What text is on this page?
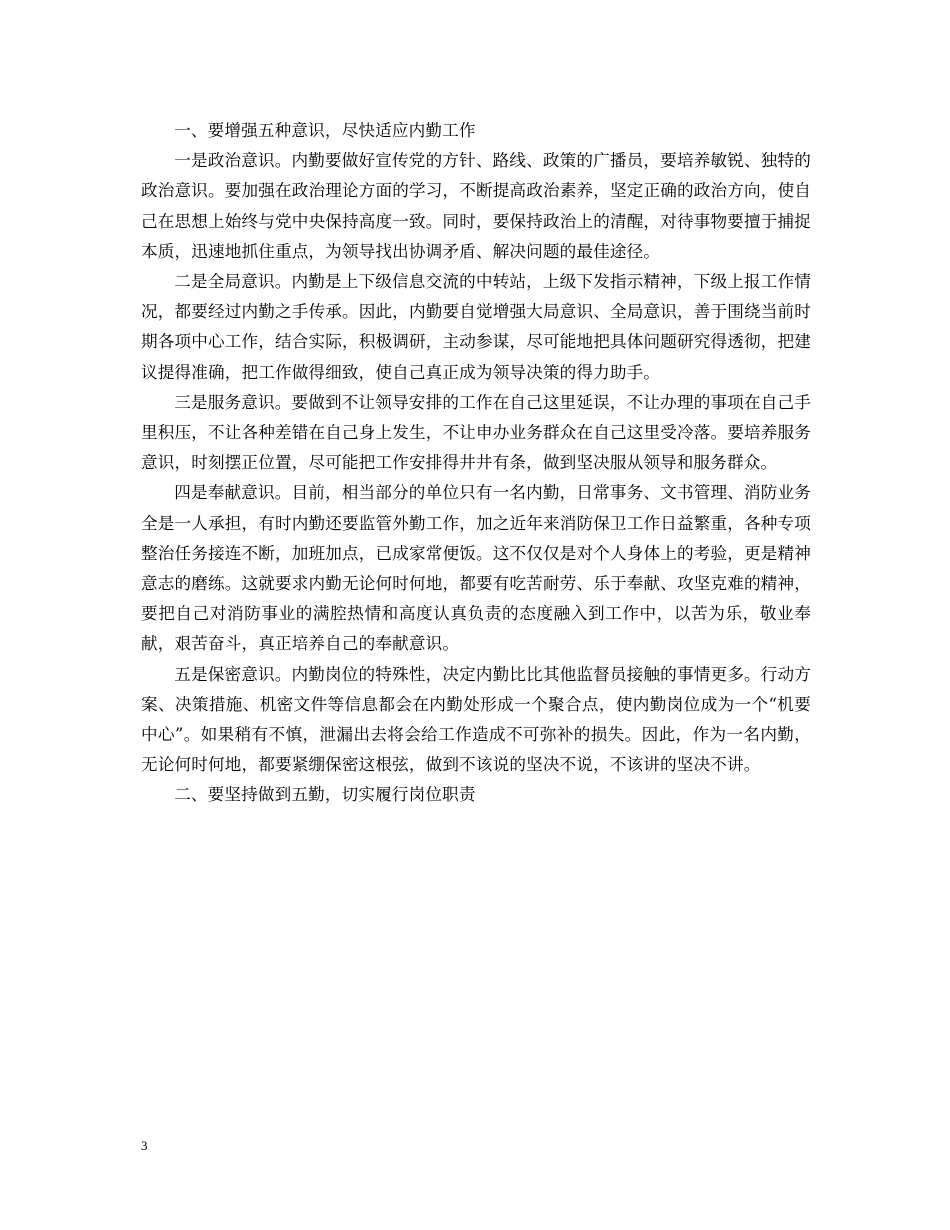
一、要增强五种意识，尽快适应内勤工作

一是政治意识。内勤要做好宣传党的方针、路线、政策的广播员，要培养敏锐、独特的政治意识。要加强在政治理论方面的学习，不断提高政治素养，坚定正确的政治方向，使自己在思想上始终与党中央保持高度一致。同时，要保持政治上的清醒，对待事物要擅于捕捉本质，迅速地抓住重点，为领导找出协调矛盾、解决问题的最佳途径。

二是全局意识。内勤是上下级信息交流的中转站，上级下发指示精神，下级上报工作情况，都要经过内勤之手传承。因此，内勤要自觉增强大局意识、全局意识，善于围绕当前时期各项中心工作，结合实际，积极调研，主动参谋，尽可能地把具体问题研究得透彻，把建议提得准确，把工作做得细致，使自己真正成为领导决策的得力助手。

三是服务意识。要做到不让领导安排的工作在自己这里延误，不让办理的事项在自己手里积压，不让各种差错在自己身上发生，不让申办业务群众在自己这里受冷落。要培养服务意识，时刻摆正位置，尽可能把工作安排得井井有条，做到坚决服从领导和服务群众。

四是奉献意识。目前，相当部分的单位只有一名内勤，日常事务、文书管理、消防业务全是一人承担，有时内勤还要监管外勤工作，加之近年来消防保卫工作日益繁重，各种专项整治任务接连不断，加班加点，已成家常便饭。这不仅仅是对个人身体上的考验，更是精神意志的磨练。这就要求内勤无论何时何地，都要有吃苦耐劳、乐于奉献、攻坚克难的精神，要把自己对消防事业的满腔热情和高度认真负责的态度融入到工作中，以苦为乐，敬业奉献，艰苦奋斗，真正培养自己的奉献意识。

五是保密意识。内勤岗位的特殊性，决定内勤比比其他监督员接触的事情更多。行动方案、决策措施、机密文件等信息都会在内勤处形成一个聚合点，使内勤岗位成为一个“机要中心”。如果稍有不慎，泄漏出去将会给工作造成不可弥补的损失。因此，作为一名内勤，无论何时何地，都要紧绷保密这根弦，做到不该说的坚决不说，不该讲的坚决不讲。

二、要坚持做到五勤，切实履行岗位职责

3
